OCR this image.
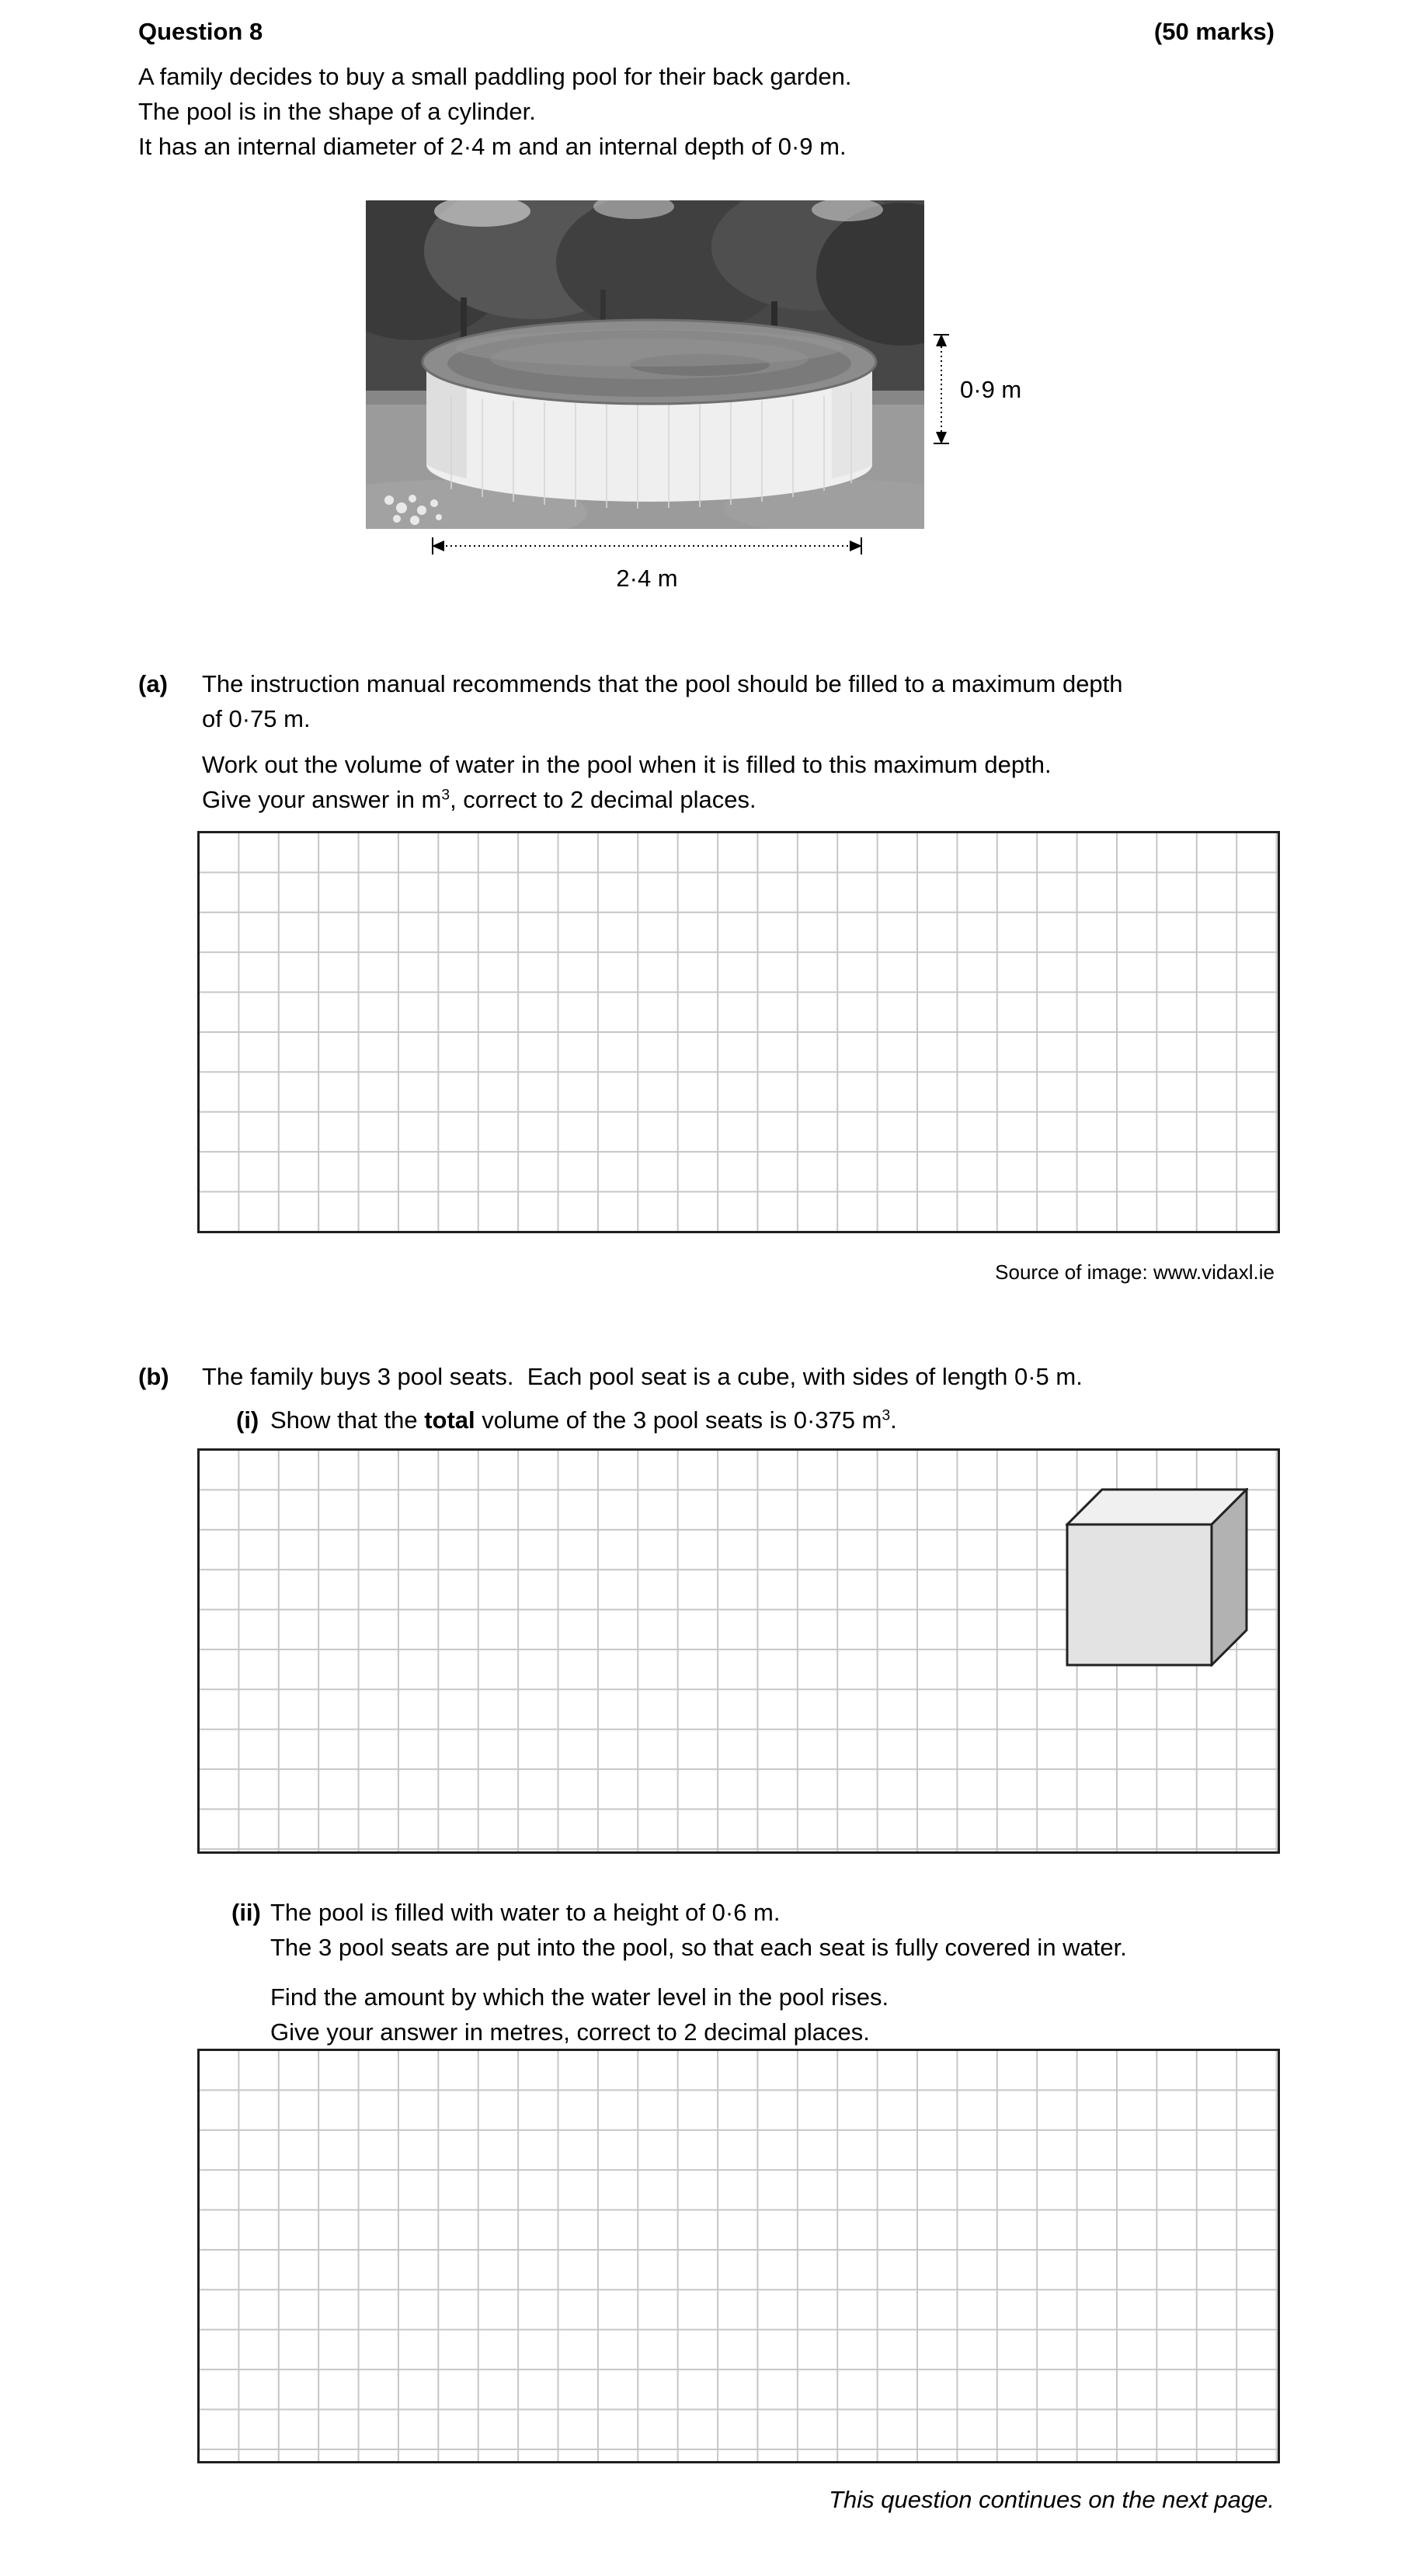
Question 8	(50 marks)
A family decides to buy a small paddling pool for their back garden.
The pool is in the shape of a cylinder.
It has an internal diameter of 2·4 m and an internal depth of 0·9 m.
0·9 m
2·4 m
(a) The instruction manual recommends that the pool should be filled to a maximum depth
of 0·75 m.
Work out the volume of water in the pool when it is filled to this maximum depth.
Give your answer in $m^3$, correct to 2 decimal places.
Source of image: www.vidaxl.ie
(b) The family buys 3 pool seats.  Each pool seat is a cube, with sides of length 0·5 m.
(i) Show that the total volume of the 3 pool seats is 0·375 $m^3$.
(ii) The pool is filled with water to a height of 0·6 m.
The 3 pool seats are put into the pool, so that each seat is fully covered in water.
Find the amount by which the water level in the pool rises.
Give your answer in metres, correct to 2 decimal places.
This question continues on the next page.
